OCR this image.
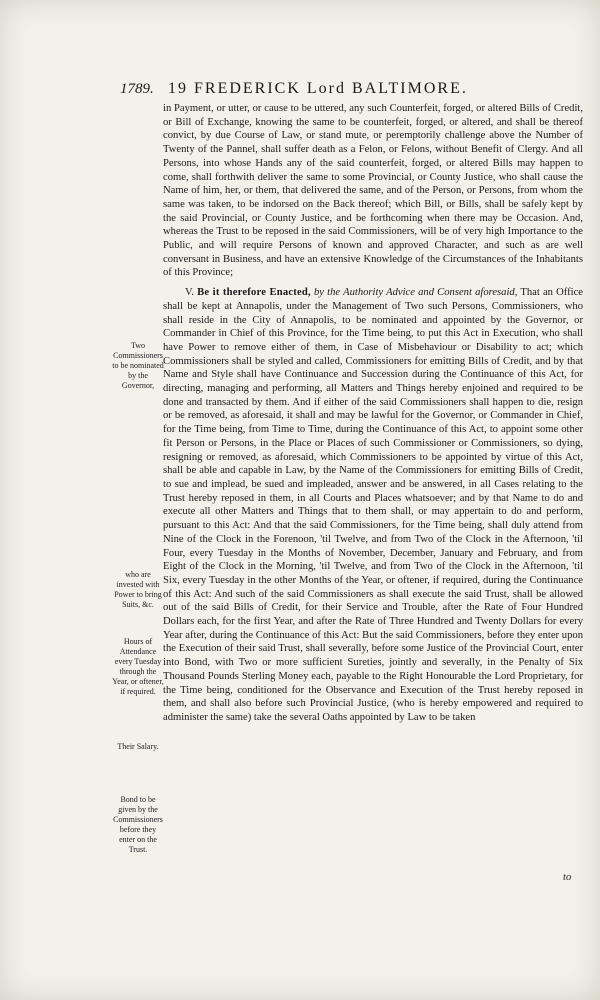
1789. 19 FREDERICK Lord BALTIMORE.

in Payment, or utter, or cause to be uttered, any such Counterfeit, forged, or altered Bills of Credit, or Bill of Exchange, knowing the same to be counterfeit, forged, or altered, and shall be thereof convict, by due Course of Law, or stand mute, or peremptorily challenge above the Number of Twenty of the Pannel, shall suffer death as a Felon, or Felons, without Benefit of Clergy. And all Persons, into whose Hands any of the said counterfeit, forged, or altered Bills may happen to come, shall forthwith deliver the same to some Provincial, or County Justice, who shall cause the Name of him, her, or them, that delivered the same, and of the Person, or Persons, from whom the same was taken, to be indorsed on the Back thereof; which Bill, or Bills, shall be safely kept by the said Provincial, or County Justice, and be forthcoming when there may be Occasion. And, whereas the Trust to be reposed in the said Commissioners, will be of very high Importance to the Public, and will require Persons of known and approved Character, and such as are well conversant in Business, and have an extensive Knowledge of the Circumstances of the Inhabitants of this Province;

V. Be it therefore Enacted, by the Authority Advice and Consent aforesaid, That an Office shall be kept at Annapolis, under the Management of Two such Persons, Commissioners, who shall reside in the City of Annapolis, to be nominated and appointed by the Governor, or Commander in Chief of this Province, for the Time being, to put this Act in Execution, who shall have Power to remove either of them, in Case of Misbehaviour or Disability to act; which Commissioners shall be styled and called, Commissioners for emitting Bills of Credit, and by that Name and Style shall have Continuance and Succession during the Continuance of this Act, for directing, managing and performing, all Matters and Things hereby enjoined and required to be done and transacted by them. And if either of the said Commissioners shall happen to die, resign or be removed, as aforesaid, it shall and may be lawful for the Governor, or Commander in Chief, for the Time being, from Time to Time, during the Continuance of this Act, to appoint some other fit Person or Persons, in the Place or Places of such Commissioner or Commissioners, so dying, resigning or removed, as aforesaid, which Commissioners to be appointed by virtue of this Act, shall be able and capable in Law, by the Name of the Commissioners for emitting Bills of Credit, to sue and implead, be sued and impleaded, answer and be answered, in all Cases relating to the Trust hereby reposed in them, in all Courts and Places whatsoever; and by that Name to do and execute all other Matters and Things that to them shall, or may appertain to do and perform, pursuant to this Act: And that the said Commissioners, for the Time being, shall duly attend from Nine of the Clock in the Forenoon, 'til Twelve, and from Two of the Clock in the Afternoon, 'til Four, every Tuesday in the Months of November, December, January and February, and from Eight of the Clock in the Morning, 'til Twelve, and from Two of the Clock in the Afternoon, 'til Six, every Tuesday in the other Months of the Year, or oftener, if required, during the Continuance of this Act: And such of the said Commissioners as shall execute the said Trust, shall be allowed out of the said Bills of Credit, for their Service and Trouble, after the Rate of Four Hundred Dollars each, for the first Year, and after the Rate of Three Hundred and Twenty Dollars for every Year after, during the Continuance of this Act: But the said Commissioners, before they enter upon the Execution of their said Trust, shall severally, before some Justice of the Provincial Court, enter into Bond, with Two or more sufficient Sureties, jointly and severally, in the Penalty of Six Thousand Pounds Sterling Money each, payable to the Right Honourable the Lord Proprietary, for the Time being, conditioned for the Observance and Execution of the Trust hereby reposed in them, and shall also before such Provincial Justice, (who is hereby empowered and required to administer the same) take the several Oaths appointed by Law to be taken

Two Commissioners to be nominated by the Governor,
who are invested with Power to bring Suits, &c.
Hours of Attendance every Tuesday through the Year, or oftener, if required.
Their Salary.
Bond to be given by the Commissioners before they enter on the Trust.
to
